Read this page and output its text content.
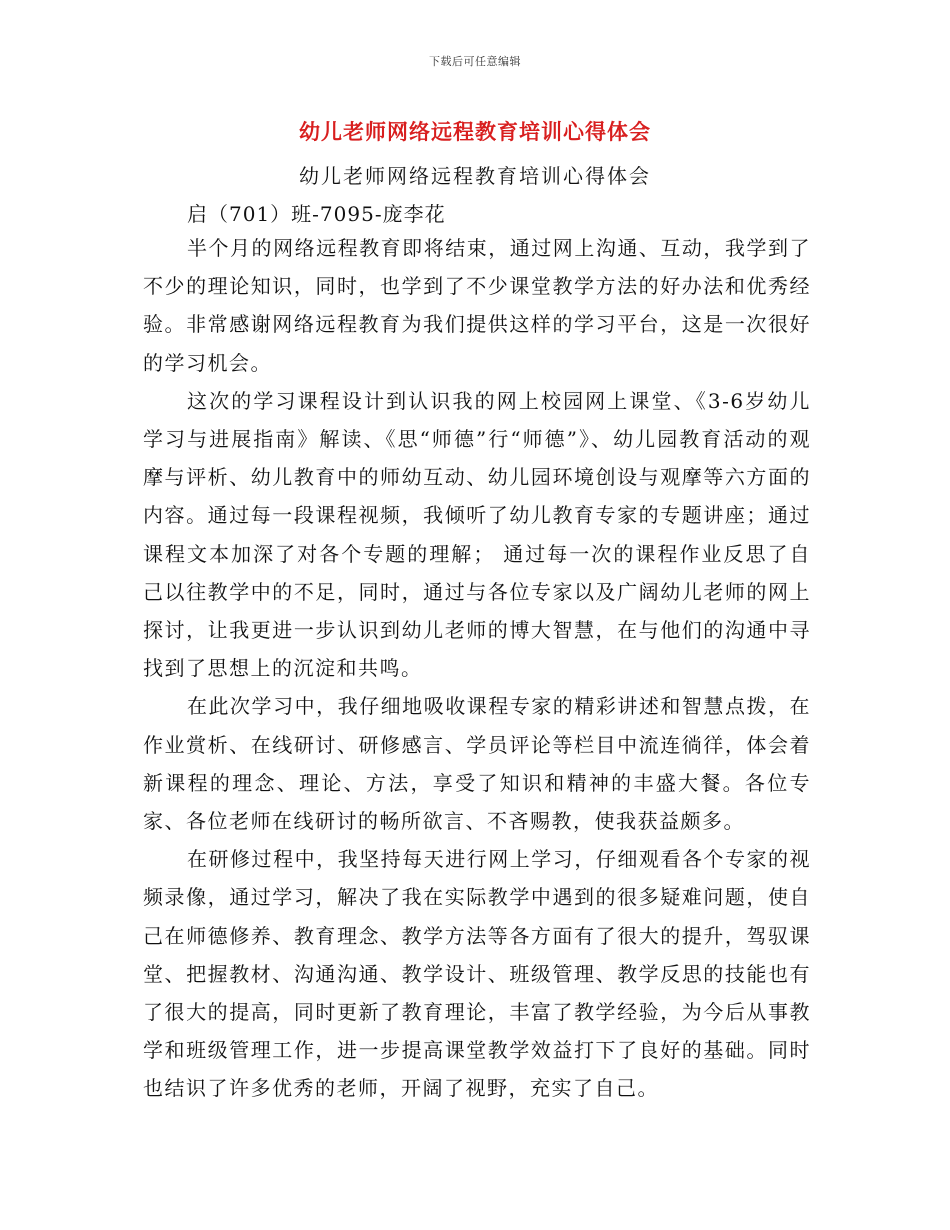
下载后可任意编辑
幼儿老师网络远程教育培训心得体会
幼儿老师网络远程教育培训心得体会
启（701）班-7095-庞李花

半个月的网络远程教育即将结束，通过网上沟通、互动，我学到了不少的理论知识，同时，也学到了不少课堂教学方法的好办法和优秀经验。非常感谢网络远程教育为我们提供这样的学习平台，这是一次很好的学习机会。

这次的学习课程设计到认识我的网上校园网上课堂、《3-6岁幼儿学习与进展指南》解读、《思“师德”行“师德”》、幼儿园教育活动的观摩与评析、幼儿教育中的师幼互动、幼儿园环境创设与观摩等六方面的内容。通过每一段课程视频，我倾听了幼儿教育专家的专题讲座；通过课程文本加深了对各个专题的理解； 通过每一次的课程作业反思了自己以往教学中的不足，同时，通过与各位专家以及广阔幼儿老师的网上探讨，让我更进一步认识到幼儿老师的博大智慧，在与他们的沟通中寻找到了思想上的沉淀和共鸣。

在此次学习中，我仔细地吸收课程专家的精彩讲述和智慧点拨，在作业赏析、在线研讨、研修感言、学员评论等栏目中流连徜徉，体会着新课程的理念、理论、方法，享受了知识和精神的丰盛大餐。各位专家、各位老师在线研讨的畅所欲言、不吝赐教，使我获益颇多。

在研修过程中，我坚持每天进行网上学习，仔细观看各个专家的视频录像，通过学习，解决了我在实际教学中遇到的很多疑难问题，使自己在师德修养、教育理念、教学方法等各方面有了很大的提升，驾驭课堂、把握教材、沟通沟通、教学设计、班级管理、教学反思的技能也有了很大的提高，同时更新了教育理论，丰富了教学经验，为今后从事教学和班级管理工作，进一步提高课堂教学效益打下了良好的基础。同时也结识了许多优秀的老师，开阔了视野，充实了自己。
